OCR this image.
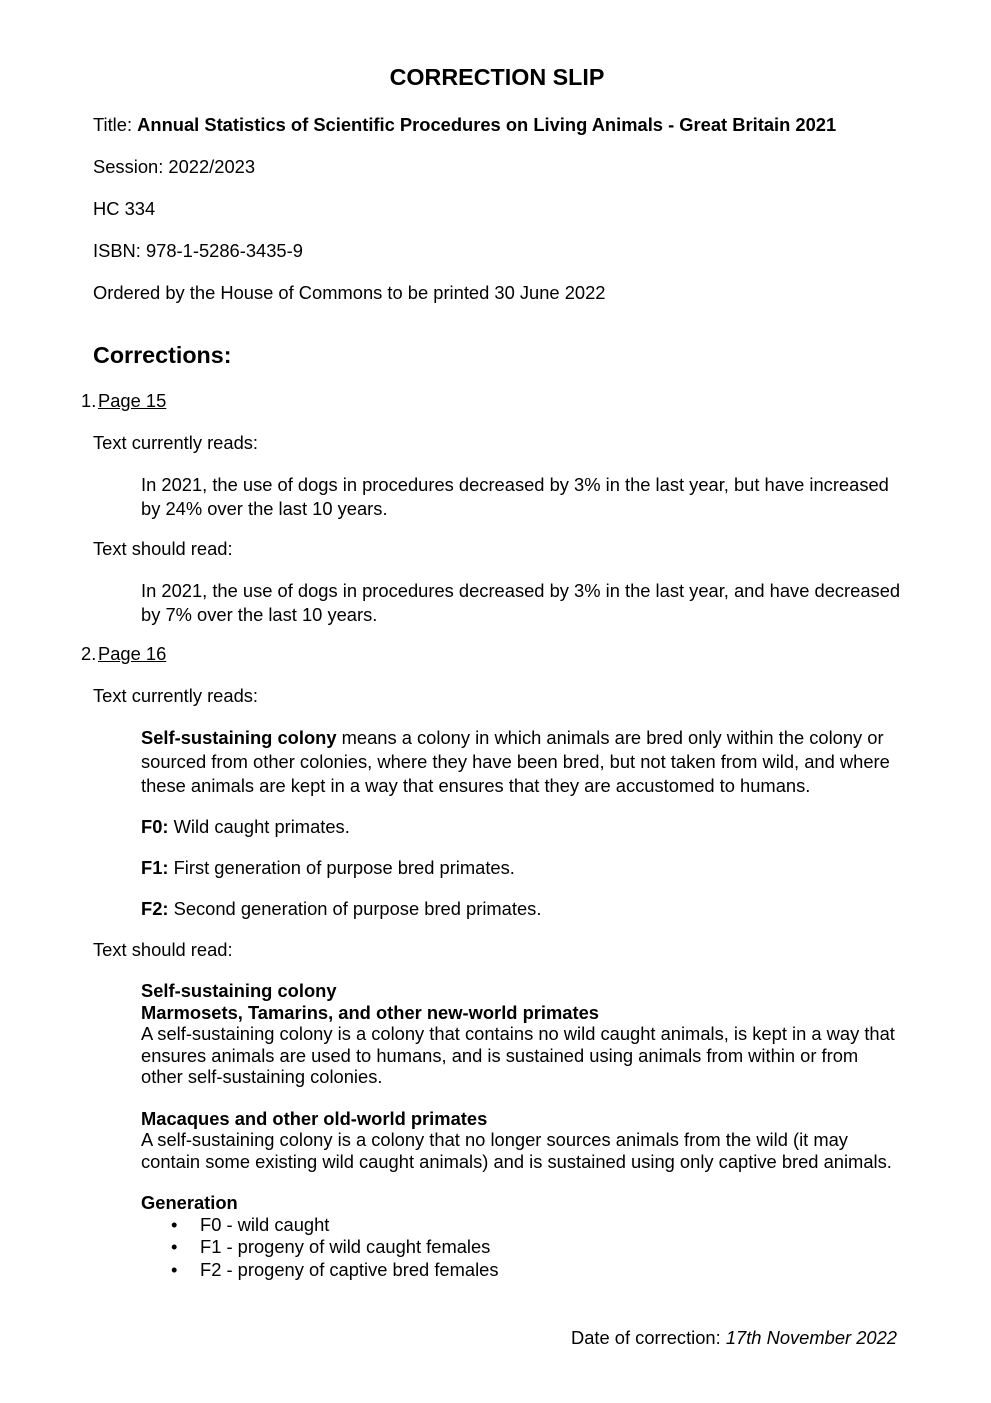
CORRECTION SLIP

Title: Annual Statistics of Scientific Procedures on Living Animals - Great Britain 2021

Session: 2022/2023

HC 334

ISBN: 978-1-5286-3435-9

Ordered by the House of Commons to be printed 30 June 2022

Corrections:

1. Page 15

Text currently reads:

In 2021, the use of dogs in procedures decreased by 3% in the last year, but have increased by 24% over the last 10 years.

Text should read:

In 2021, the use of dogs in procedures decreased by 3% in the last year, and have decreased by 7% over the last 10 years.

2. Page 16

Text currently reads:

Self-sustaining colony means a colony in which animals are bred only within the colony or sourced from other colonies, where they have been bred, but not taken from wild, and where these animals are kept in a way that ensures that they are accustomed to humans.

F0: Wild caught primates.

F1: First generation of purpose bred primates.

F2: Second generation of purpose bred primates.

Text should read:

Self-sustaining colony

Marmosets, Tamarins, and other new-world primates

A self-sustaining colony is a colony that contains no wild caught animals, is kept in a way that ensures animals are used to humans, and is sustained using animals from within or from other self-sustaining colonies.

Macaques and other old-world primates

A self-sustaining colony is a colony that no longer sources animals from the wild (it may contain some existing wild caught animals) and is sustained using only captive bred animals.

Generation

•	F0 - wild caught
•	F1 - progeny of wild caught females
•	F2 - progeny of captive bred females
Date of correction: 17th November 2022
